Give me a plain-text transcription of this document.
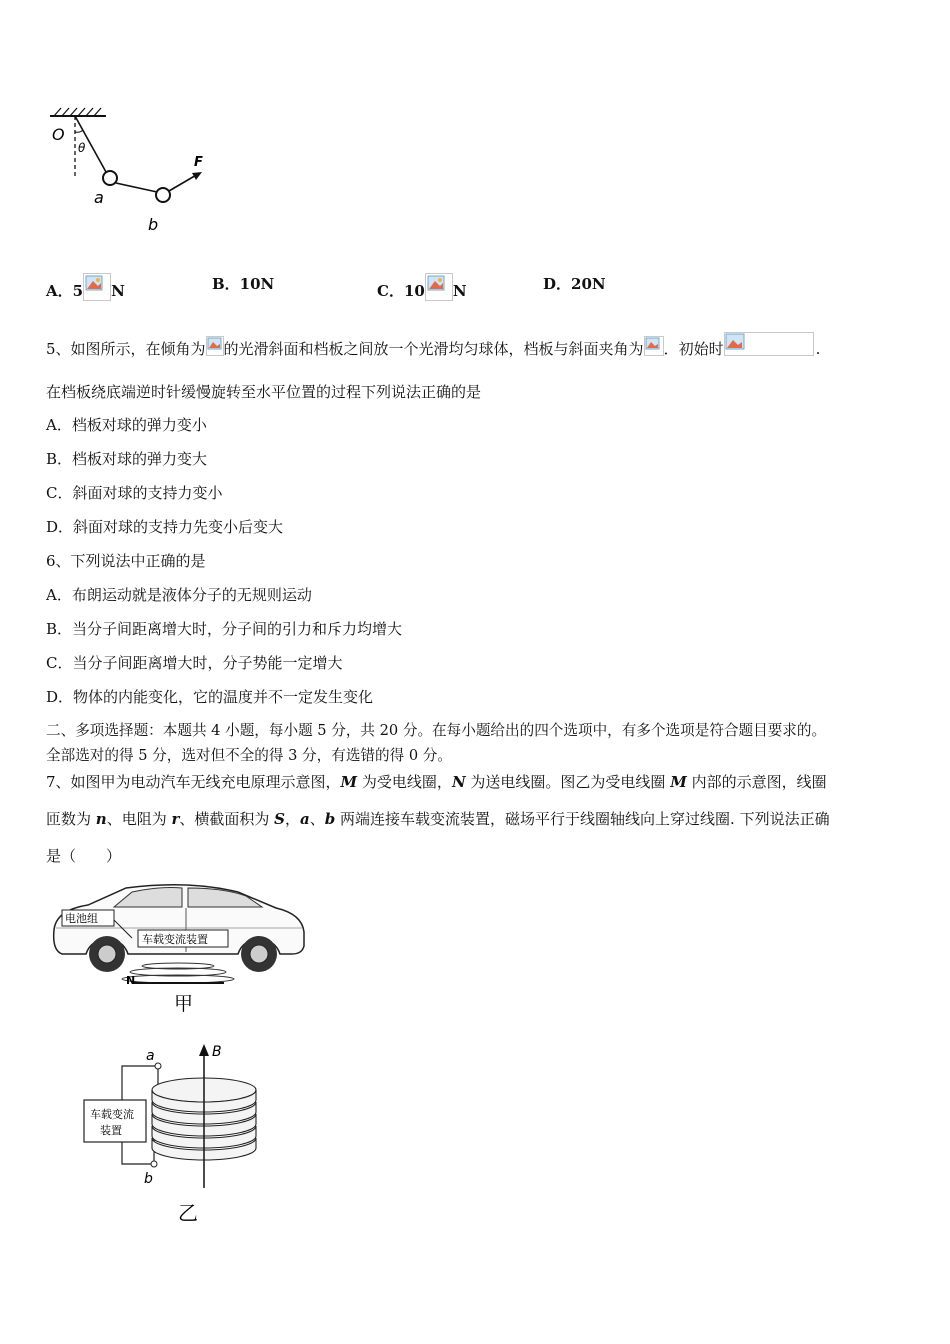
O
θ
F
a
b
A．5 N	B．10N	C．10 N	D．20N
5、如图所示，在倾角为 的光滑斜面和档板之间放一个光滑均匀球体，档板与斜面夹角为 ．初始时	.
在档板绕底端逆时针缓慢旋转至水平位置的过程下列说法正确的是
A．档板对球的弹力变小
B．档板对球的弹力变大
C．斜面对球的支持力变小
D．斜面对球的支持力先变小后变大
6、下列说法中正确的是
A．布朗运动就是液体分子的无规则运动
B．当分子间距离增大时，分子间的引力和斥力均增大
C．当分子间距离增大时，分子势能一定增大
D．物体的内能变化，它的温度并不一定发生变化
二、多项选择题：本题共 4 小题，每小题 5 分，共 20 分。在每小题给出的四个选项中，有多个选项是符合题目要求的。
全部选对的得 5 分，选对但不全的得 3 分，有选错的得 0 分。
7、如图甲为电动汽车无线充电原理示意图，M 为受电线圈，N 为送电线圈。图乙为受电线圈 M 内部的示意图，线圈
匝数为 n、电阻为 r、横截面积为 S，a、b 两端连接车载变流装置，磁场平行于线圈轴线向上穿过线圈. 下列说法正确
是（　　）
电池组
车载变流装置
N
甲
车载变流
装置
a
b
B
乙
